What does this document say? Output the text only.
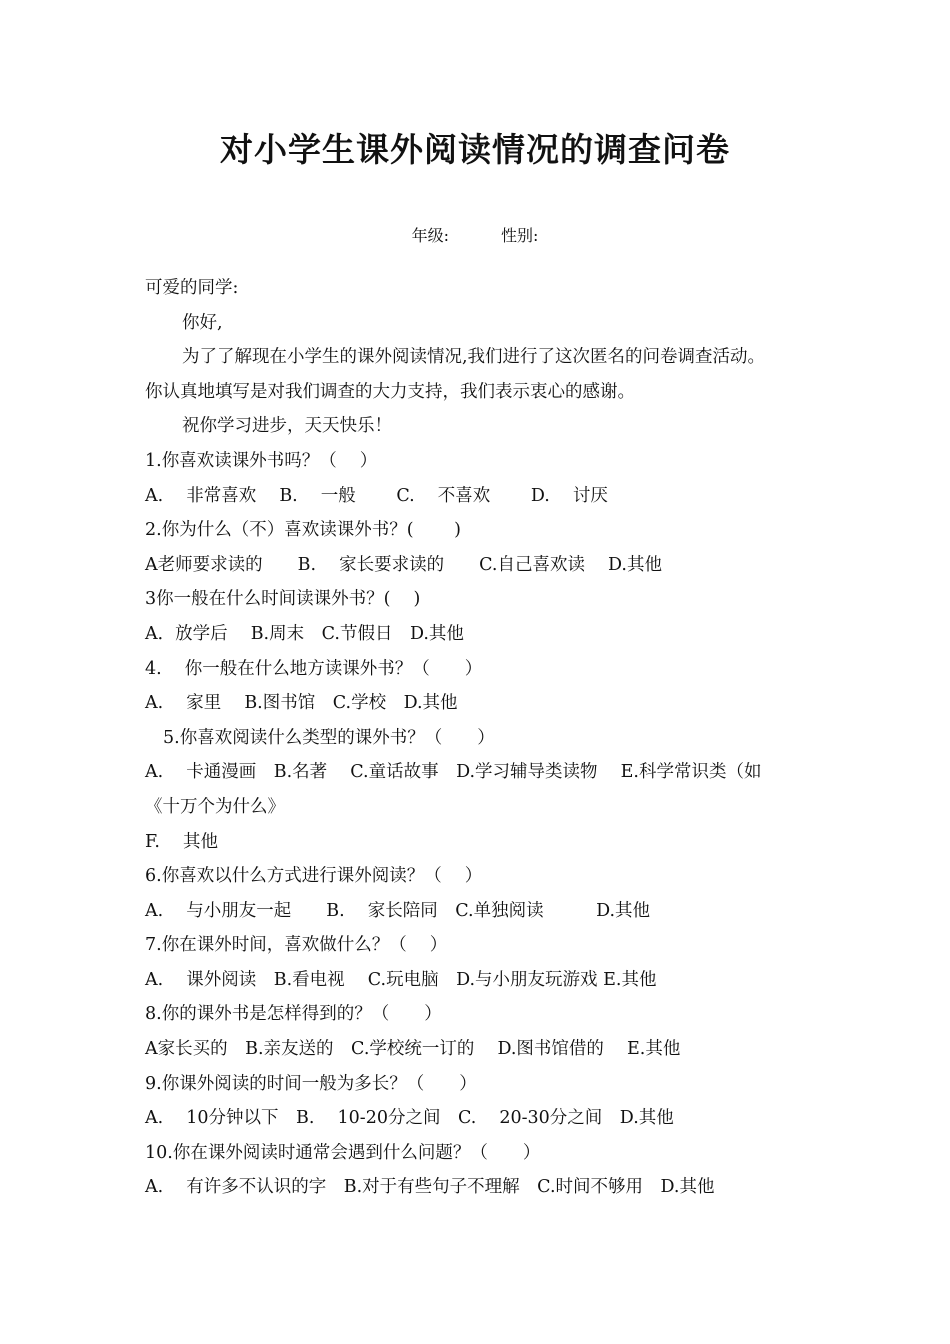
对小学生课外阅读情况的调查问卷
年级:	性别:
可爱的同学:
你好,
为了了解现在小学生的课外阅读情况,我们进行了这次匿名的问卷调查活动。
你认真地填写是对我们调查的大力支持，我们表示衷心的感谢。
祝你学习进步，天天快乐！
1.你喜欢读课外书吗？（　 ）
A.　 非常喜欢　 B.　 一般　　 C.　 不喜欢　　 D.　 讨厌
2.你为什么（不）喜欢读课外书？(　　 )
A老师要求读的　　B.　 家长要求读的　　C.自己喜欢读　 D.其他
3你一般在什么时间读课外书？( 　)
A．放学后　 B.周末　C.节假日　D.其他
4.　 你一般在什么地方读课外书？（　　）
A.　 家里　 B.图书馆　C.学校　D.其他
5.你喜欢阅读什么类型的课外书？（　　）
A.　 卡通漫画　B.名著　 C.童话故事　D.学习辅导类读物　 E.科学常识类（如
《十万个为什么》
F.　 其他
6.你喜欢以什么方式进行课外阅读？（　 ）
A.　 与小朋友一起　　B.　 家长陪同　C.单独阅读　　　D.其他
7.你在课外时间，喜欢做什么？（　 ）
A.　 课外阅读　B.看电视　 C.玩电脑　D.与小朋友玩游戏 E.其他
8.你的课外书是怎样得到的？（　　）
A家长买的　B.亲友送的　C.学校统一订的　 D.图书馆借的　 E.其他
9.你课外阅读的时间一般为多长？（　　）
A.　 10分钟以下　B.　 10-20分之间　C.　 20-30分之间　D.其他
10.你在课外阅读时通常会遇到什么问题？（　　）
A.　 有许多不认识的字　B.对于有些句子不理解　C.时间不够用　D.其他
